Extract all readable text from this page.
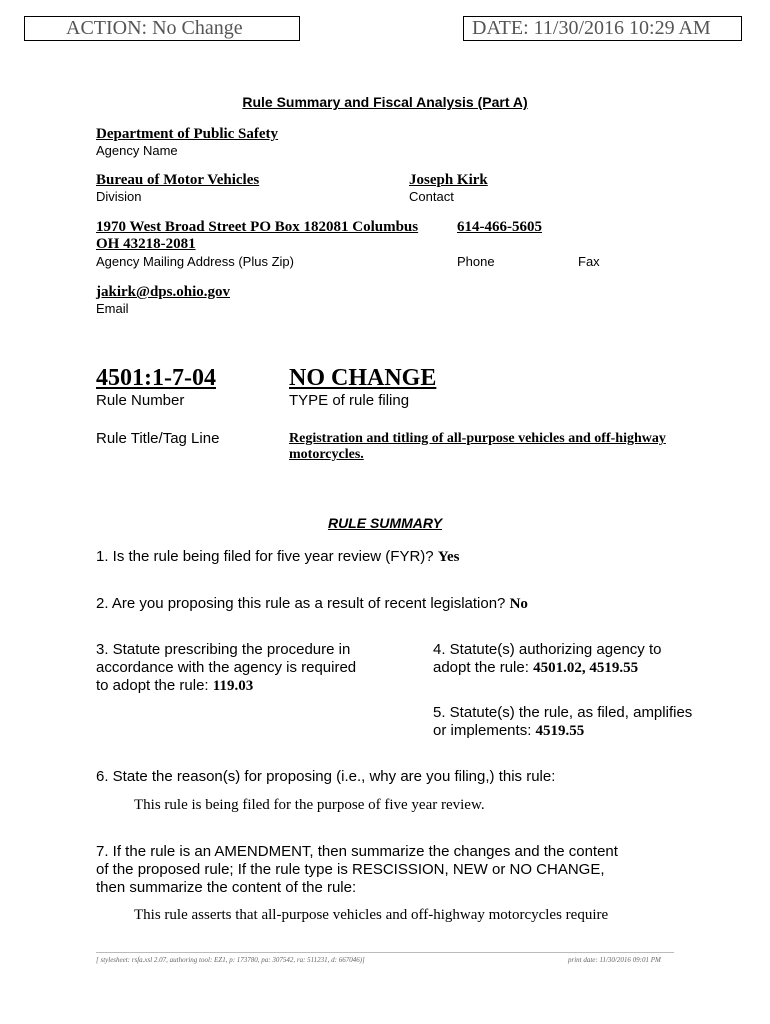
ACTION: No Change	DATE: 11/30/2016 10:29 AM
Rule Summary and Fiscal Analysis (Part A)
Department of Public Safety
Agency Name
Bureau of Motor Vehicles
Division
Joseph Kirk
Contact
1970 West Broad Street PO Box 182081 Columbus
OH 43218-2081
Agency Mailing Address (Plus Zip)
614-466-5605
Phone	Fax
jakirk@dps.ohio.gov
Email
4501:1-7-04
Rule Number
NO CHANGE
TYPE of rule filing
Rule Title/Tag Line	Registration and titling of all-purpose vehicles and off-highway
motorcycles.
RULE SUMMARY
1. Is the rule being filed for five year review (FYR)? Yes
2. Are you proposing this rule as a result of recent legislation? No
3. Statute prescribing the procedure in
accordance with the agency is required
to adopt the rule: 119.03
4. Statute(s) authorizing agency to
adopt the rule: 4501.02, 4519.55
5. Statute(s) the rule, as filed, amplifies
or implements: 4519.55
6. State the reason(s) for proposing (i.e., why are you filing,) this rule:
This rule is being filed for the purpose of five year review.
7. If the rule is an AMENDMENT, then summarize the changes and the content
of the proposed rule; If the rule type is RESCISSION, NEW or NO CHANGE,
then summarize the content of the rule:
This rule asserts that all-purpose vehicles and off-highway motorcycles require
[ stylesheet: rsfa.xsl 2.07, authoring tool: EZ1, p: 173780, pa: 307542, ra: 511231, d: 667046)]	print date: 11/30/2016 09:01 PM
